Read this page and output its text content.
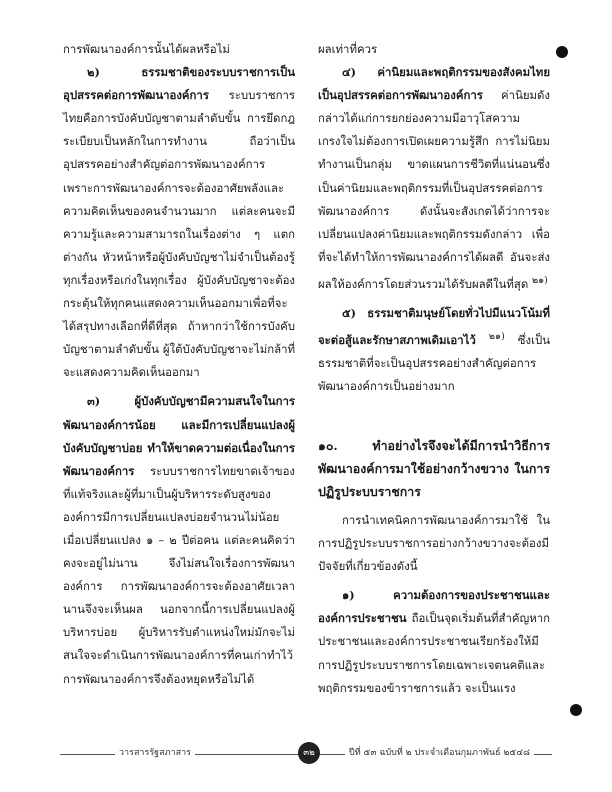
การพัฒนาองค์การนั้นได้ผลหรือไม่

๒) ธรรมชาติของระบบราชการเป็นอุปสรรคต่อการพัฒนาองค์การ ระบบราชการไทยคือการบังคับบัญชาตามลำดับขั้น การยึดกฎระเบียบเป็นหลักในการทำงาน ถือว่าเป็นอุปสรรคอย่างสำคัญต่อการพัฒนาองค์การ เพราะการพัฒนาองค์การจะต้องอาศัยพลังและความคิดเห็นของคนจำนวนมาก แต่ละคนจะมีความรู้และความสามารถในเรื่องต่าง ๆ แตกต่างกัน หัวหน้าหรือผู้บังคับบัญชาไม่จำเป็นต้องรู้ทุกเรื่องหรือเก่งในทุกเรื่อง ผู้บังคับบัญชาจะต้องกระตุ้นให้ทุกคนแสดงความเห็นออกมาเพื่อที่จะได้สรุปทางเลือกที่ดีที่สุด ถ้าหากว่าใช้การบังคับบัญชาตามลำดับขั้น ผู้ใต้บังคับบัญชาจะไม่กล้าที่จะแสดงความคิดเห็นออกมา

๓) ผู้บังคับบัญชามีความสนใจในการพัฒนาองค์การน้อย และมีการเปลี่ยนแปลงผู้บังคับบัญชาบ่อย ทำให้ขาดความต่อเนื่องในการพัฒนาองค์การ ระบบราชการไทยขาดเจ้าของที่แท้จริงและผู้ที่มาเป็นผู้บริหารระดับสูงขององค์การมีการเปลี่ยนแปลงบ่อยจำนวนไม่น้อยเมื่อเปลี่ยนแปลง ๑ – ๒ ปีต่อคน แต่ละคนคิดว่าคงจะอยู่ไม่นาน จึงไม่สนใจเรื่องการพัฒนาองค์การ การพัฒนาองค์การจะต้องอาศัยเวลานานจึงจะเห็นผล นอกจากนี้การเปลี่ยนแปลงผู้บริหารบ่อย ผู้บริหารรับตำแหน่งใหม่มักจะไม่สนใจจะดำเนินการพัฒนาองค์การที่คนเก่าทำไว้ การพัฒนาองค์การจึงต้องหยุดหรือไม่ได้

ผลเท่าที่ควร

๔) ค่านิยมและพฤติกรรมของสังคมไทยเป็นอุปสรรคต่อการพัฒนาองค์การ ค่านิยมดังกล่าวได้แก่การยกย่องความมีอาวุโสความเกรงใจไม่ต้องการเปิดเผยความรู้สึก การไม่นิยมทำงานเป็นกลุ่ม ขาดแผนการชีวิตที่แน่นอนซึ่งเป็นค่านิยมและพฤติกรรมที่เป็นอุปสรรคต่อการพัฒนาองค์การ ดังนั้นจะสังเกตได้ว่าการจะเปลี่ยนแปลงค่านิยมและพฤติกรรมดังกล่าว เพื่อที่จะได้ทำให้การพัฒนาองค์การได้ผลดี อันจะส่งผลให้องค์การโดยส่วนรวมได้รับผลดีในที่สุด $^{๒๑)}$

๕) ธรรมชาติมนุษย์โดยทั่วไปมีแนวโน้มที่จะต่อสู้และรักษาสภาพเดิมเอาไว้ $^{๒๑)}$ ซึ่งเป็นธรรมชาติที่จะเป็นอุปสรรคอย่างสำคัญต่อการพัฒนาองค์การเป็นอย่างมาก

๑๐. ทำอย่างไรจึงจะได้มีการนำวิธีการพัฒนาองค์การมาใช้อย่างกว้างขวาง ในการปฏิรูประบบราชการ

การนำเทคนิคการพัฒนาองค์การมาใช้ ในการปฏิรูประบบราชการอย่างกว้างขวางจะต้องมีปัจจัยที่เกี่ยวข้องดังนี้

๑) ความต้องการของประชาชนและองค์การประชาชน ถือเป็นจุดเริ่มต้นที่สำคัญหากประชาชนและองค์การประชาชนเรียกร้องให้มีการปฏิรูประบบราชการโดยเฉพาะเจตนคติและพฤติกรรมของข้าราชการแล้ว จะเป็นแรง

วารสารรัฐสภาสาร	๓๒	ปีที่ ๕๓ ฉบับที่ ๒ ประจำเดือนกุมภาพันธ์ ๒๕๔๘
